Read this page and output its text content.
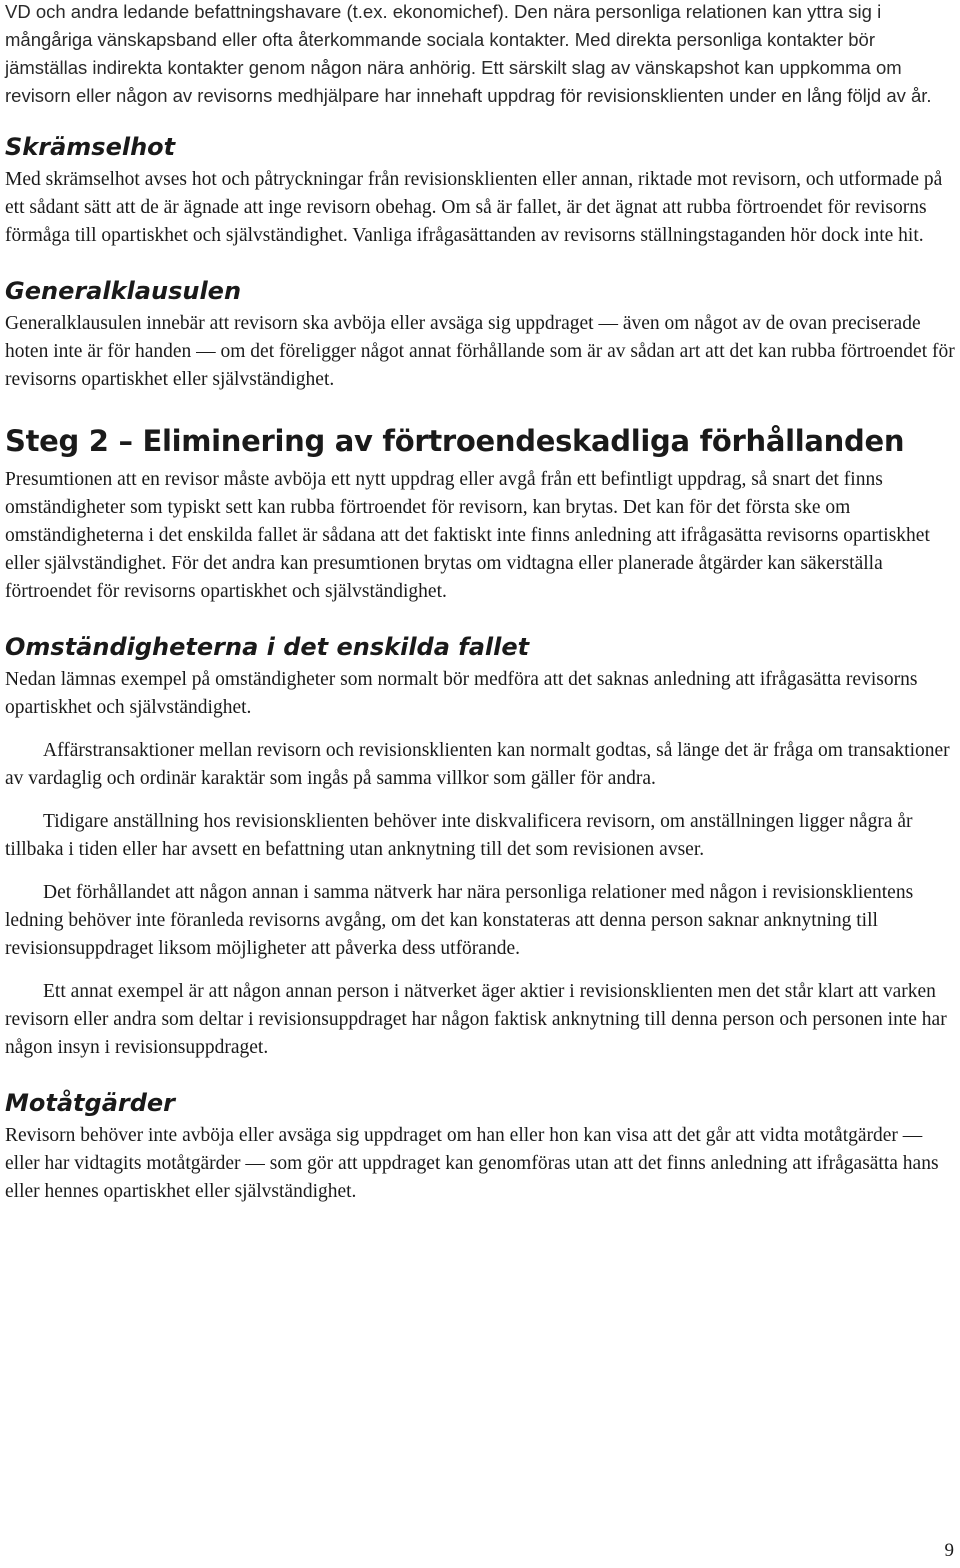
VD och andra ledande befattningshavare (t.ex. ekonomichef). Den nära personliga relationen kan yttra sig i mångåriga vänskapsband eller ofta återkommande sociala kontakter. Med direkta personliga kontakter bör jämställas indirekta kontakter genom någon nära anhörig. Ett särskilt slag av vänskapshot kan uppkomma om revisorn eller någon av revisorns medhjälpare har innehaft uppdrag för revisionsklienten under en lång följd av år.

Skrämselhot

Med skrämselhot avses hot och påtryckningar från revisionsklienten eller annan, riktade mot revisorn, och utformade på ett sådant sätt att de är ägnade att inge revisorn obehag. Om så är fallet, är det ägnat att rubba förtroendet för revisorns förmåga till opartiskhet och självständighet. Vanliga ifrågasättanden av revisorns ställningstaganden hör dock inte hit.

Generalklausulen

Generalklausulen innebär att revisorn ska avböja eller avsäga sig uppdraget — även om något av de ovan preciserade hoten inte är för handen — om det föreligger något annat förhållande som är av sådan art att det kan rubba förtroendet för revisorns opartiskhet eller självständighet.

Steg 2 – Eliminering av förtroendeskadliga förhållanden

Presumtionen att en revisor måste avböja ett nytt uppdrag eller avgå från ett befintligt uppdrag, så snart det finns omständigheter som typiskt sett kan rubba förtroendet för revisorn, kan brytas. Det kan för det första ske om omständigheterna i det enskilda fallet är sådana att det faktiskt inte finns anledning att ifrågasätta revisorns opartiskhet eller självständighet. För det andra kan presumtionen brytas om vidtagna eller planerade åtgärder kan säkerställa förtroendet för revisorns opartiskhet och självständighet.

Omständigheterna i det enskilda fallet

Nedan lämnas exempel på omständigheter som normalt bör medföra att det saknas anledning att ifrågasätta revisorns opartiskhet och självständighet.

Affärstransaktioner mellan revisorn och revisionsklienten kan normalt godtas, så länge det är fråga om transaktioner av vardaglig och ordinär karaktär som ingås på samma villkor som gäller för andra.

Tidigare anställning hos revisionsklienten behöver inte diskvalificera revisorn, om anställningen ligger några år tillbaka i tiden eller har avsett en befattning utan anknytning till det som revisionen avser.

Det förhållandet att någon annan i samma nätverk har nära personliga relationer med någon i revisionsklientens ledning behöver inte föranleda revisorns avgång, om det kan konstateras att denna person saknar anknytning till revisionsuppdraget liksom möjligheter att påverka dess utförande.

Ett annat exempel är att någon annan person i nätverket äger aktier i revisionsklienten men det står klart att varken revisorn eller andra som deltar i revisionsuppdraget har någon faktisk anknytning till denna person och personen inte har någon insyn i revisionsuppdraget.

Motåtgärder

Revisorn behöver inte avböja eller avsäga sig uppdraget om han eller hon kan visa att det går att vidta motåtgärder — eller har vidtagits motåtgärder — som gör att uppdraget kan genomföras utan att det finns anledning att ifrågasätta hans eller hennes opartiskhet eller självständighet.

9
